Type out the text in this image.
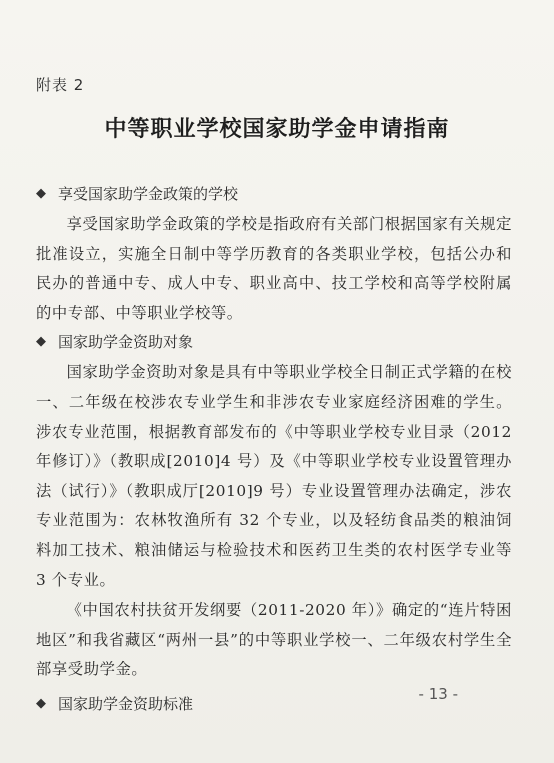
附表 2
中等职业学校国家助学金申请指南
◆ 享受国家助学金政策的学校

享受国家助学金政策的学校是指政府有关部门根据国家有关规定批准设立，实施全日制中等学历教育的各类职业学校，包括公办和民办的普通中专、成人中专、职业高中、技工学校和高等学校附属的中专部、中等职业学校等。

◆ 国家助学金资助对象

国家助学金资助对象是具有中等职业学校全日制正式学籍的在校一、二年级在校涉农专业学生和非涉农专业家庭经济困难的学生。涉农专业范围，根据教育部发布的《中等职业学校专业目录（2012 年修订）》（教职成[2010]4 号）及《中等职业学校专业设置管理办法（试行）》（教职成厅[2010]9 号）专业设置管理办法确定，涉农专业范围为：农林牧渔所有 32 个专业，以及轻纺食品类的粮油饲料加工技术、粮油储运与检验技术和医药卫生类的农村医学专业等 3 个专业。

《中国农村扶贫开发纲要（2011-2020 年）》确定的“连片特困地区”和我省藏区“两州一县”的中等职业学校一、二年级农村学生全部享受助学金。

◆ 国家助学金资助标准
- 13 -
